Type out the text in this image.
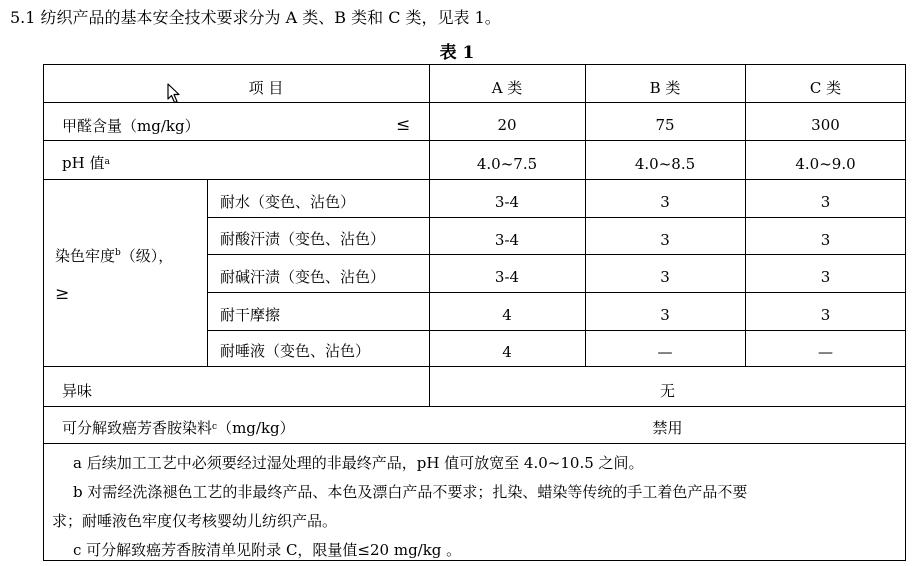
5.1 纺织产品的基本安全技术要求分为 A 类、B 类和 C 类，见表 1。
表 1
项 目	A 类	B 类	C 类
甲醛含量（mg/kg）	≤	20	75	300
pH 值 a	4.0~7.5	4.0~8.5	4.0~9.0
染色牢度$^b$（级），
≥
耐水（变色、沾色）	3-4	3	3
耐酸汗渍（变色、沾色）	3-4	3	3
耐碱汗渍（变色、沾色）	3-4	3	3
耐干摩擦	4	3	3
耐唾液（变色、沾色）	4	—	—
异味	无
可分解致癌芳香胺染料 c （mg/kg）	禁用
a 后续加工工艺中必须要经过湿处理的非最终产品，pH 值可放宽至 4.0~10.5 之间。
b 对需经洗涤褪色工艺的非最终产品、本色及漂白产品不要求；扎染、蜡染等传统的手工着色产品不要
求；耐唾液色牢度仅考核婴幼儿纺织产品。
c 可分解致癌芳香胺清单见附录 C，限量值≤20 mg/kg 。
